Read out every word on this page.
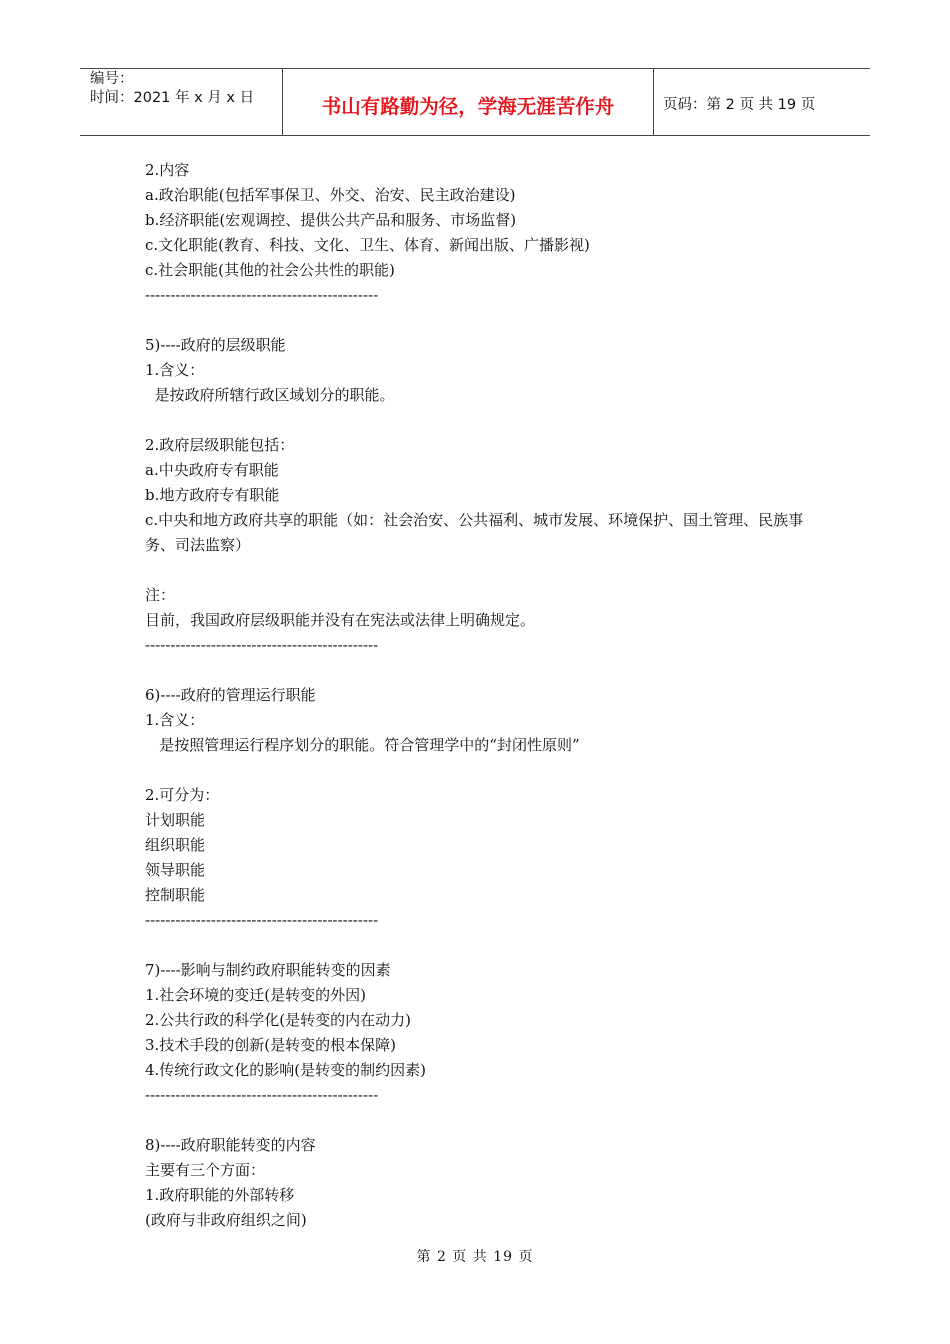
编号：
时间：2021 年 x 月 x 日	书山有路勤为径，学海无涯苦作舟	页码：第 2 页 共 19 页
2.内容
a.政治职能(包括军事保卫、外交、治安、民主政治建设)
b.经济职能(宏观调控、提供公共产品和服务、市场监督)
c.文化职能(教育、科技、文化、卫生、体育、新闻出版、广播影视)
c.社会职能(其他的社会公共性的职能)
----------------------------------------------
5)----政府的层级职能
1.含义：
是按政府所辖行政区域划分的职能。
2.政府层级职能包括：
a.中央政府专有职能
b.地方政府专有职能
c.中央和地方政府共享的职能（如：社会治安、公共福利、城市发展、环境保护、国土管理、民族事务、司法监察）
注：
目前，我国政府层级职能并没有在宪法或法律上明确规定。
----------------------------------------------
6)----政府的管理运行职能
1.含义：
是按照管理运行程序划分的职能。符合管理学中的“封闭性原则”
2.可分为：
计划职能
组织职能
领导职能
控制职能
----------------------------------------------
7)----影响与制约政府职能转变的因素
1.社会环境的变迁(是转变的外因)
2.公共行政的科学化(是转变的内在动力)
3.技术手段的创新(是转变的根本保障)
4.传统行政文化的影响(是转变的制约因素)
----------------------------------------------
8)----政府职能转变的内容
主要有三个方面：
1.政府职能的外部转移
(政府与非政府组织之间)
第 2 页 共 19 页
